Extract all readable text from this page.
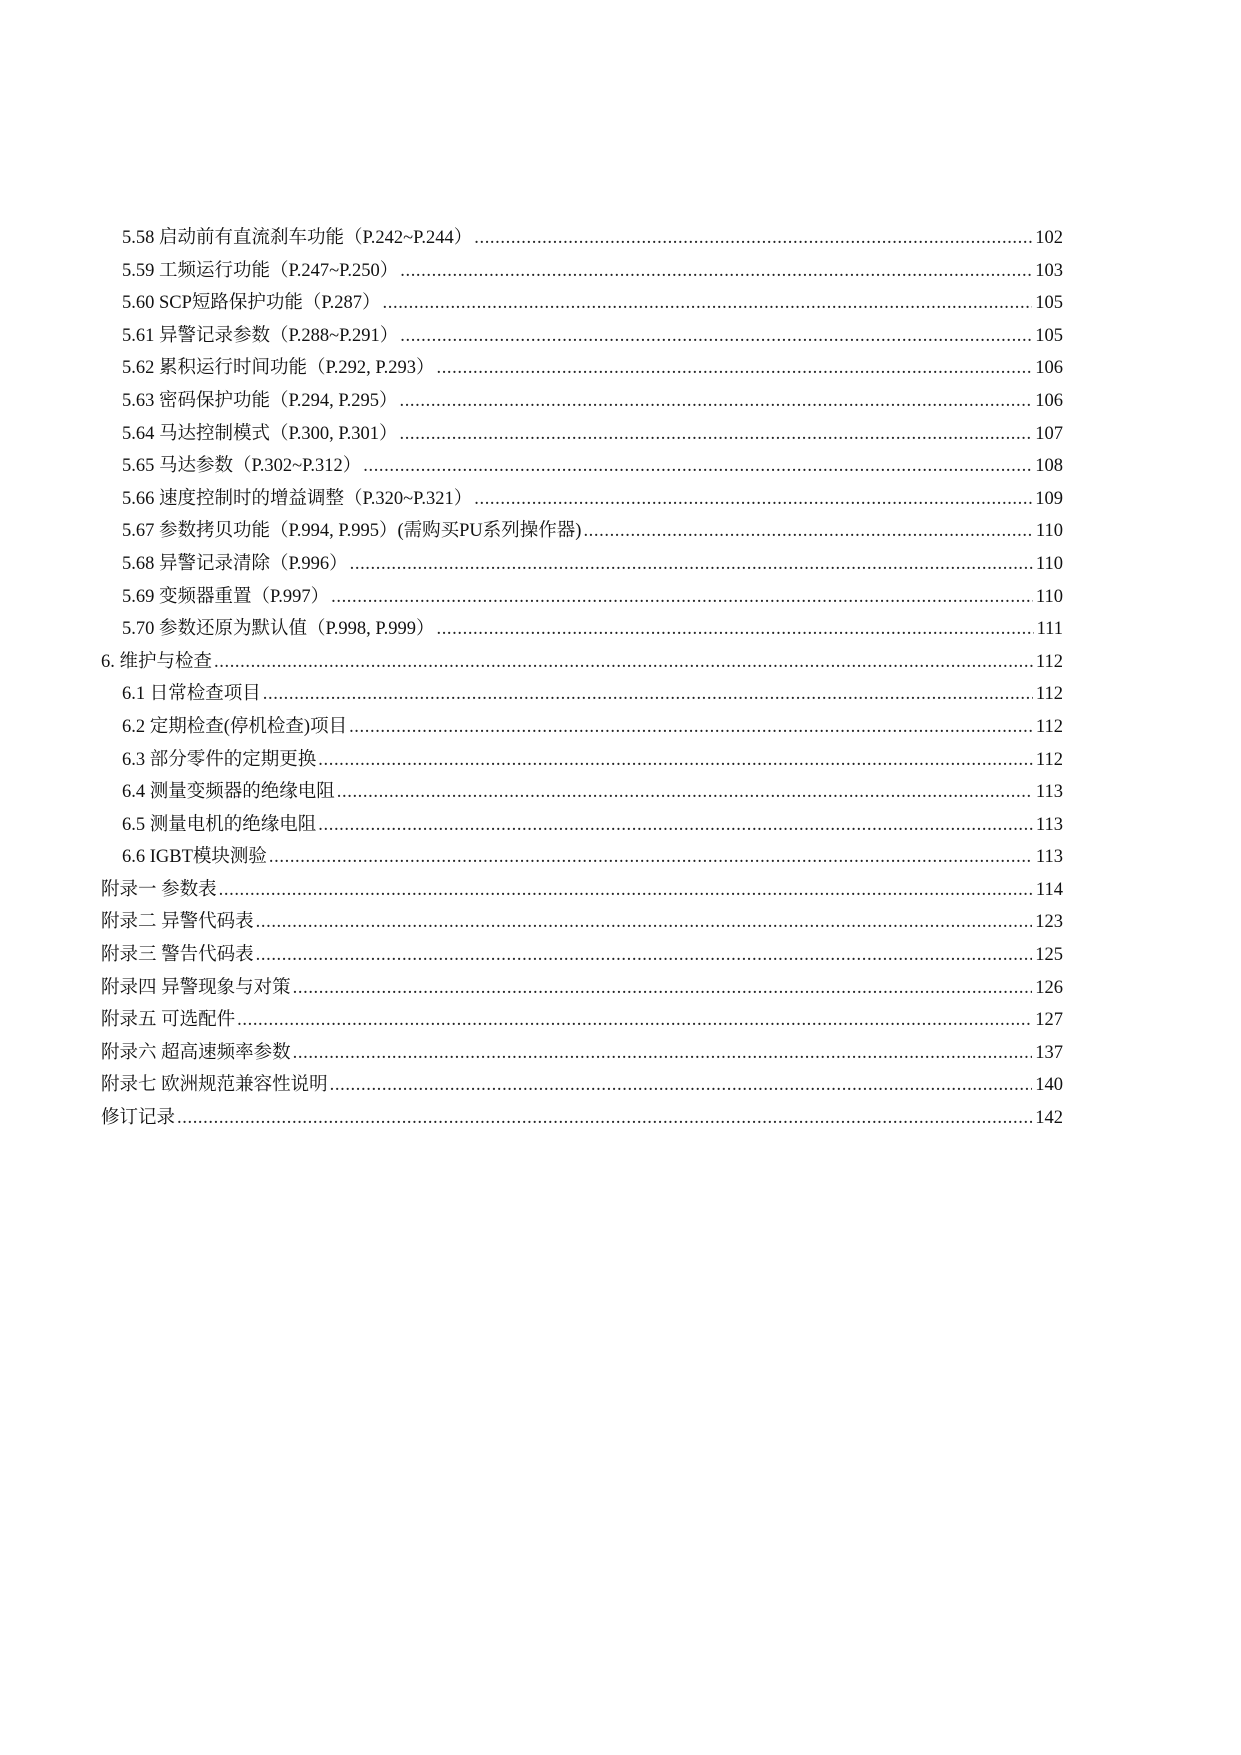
5.58 启动前有直流刹车功能（P.242~P.244） .....	102
5.59 工频运行功能（P.247~P.250） .....	103
5.60 SCP短路保护功能（P.287） .....	105
5.61 异警记录参数（P.288~P.291） .....	105
5.62 累积运行时间功能（P.292, P.293） .....	106
5.63 密码保护功能（P.294, P.295） .....	106
5.64 马达控制模式（P.300, P.301） .....	107
5.65 马达参数（P.302~P.312） .....	108
5.66 速度控制时的增益调整（P.320~P.321） .....	109
5.67 参数拷贝功能（P.994, P.995）(需购买PU系列操作器) .....	110
5.68 异警记录清除（P.996） .....	110
5.69 变频器重置（P.997） .....	110
5.70 参数还原为默认值（P.998, P.999） .....	111
6. 维护与检查 .....	112
6.1 日常检查项目 .....	112
6.2 定期检查(停机检查)项目 .....	112
6.3 部分零件的定期更换 .....	112
6.4 测量变频器的绝缘电阻 .....	113
6.5 测量电机的绝缘电阻 .....	113
6.6 IGBT模块测验 .....	113
附录一 参数表 .....	114
附录二 异警代码表 .....	123
附录三 警告代码表 .....	125
附录四 异警现象与对策 .....	126
附录五 可选配件 .....	127
附录六 超高速频率参数 .....	137
附录七 欧洲规范兼容性说明 .....	140
修订记录 .....	142
